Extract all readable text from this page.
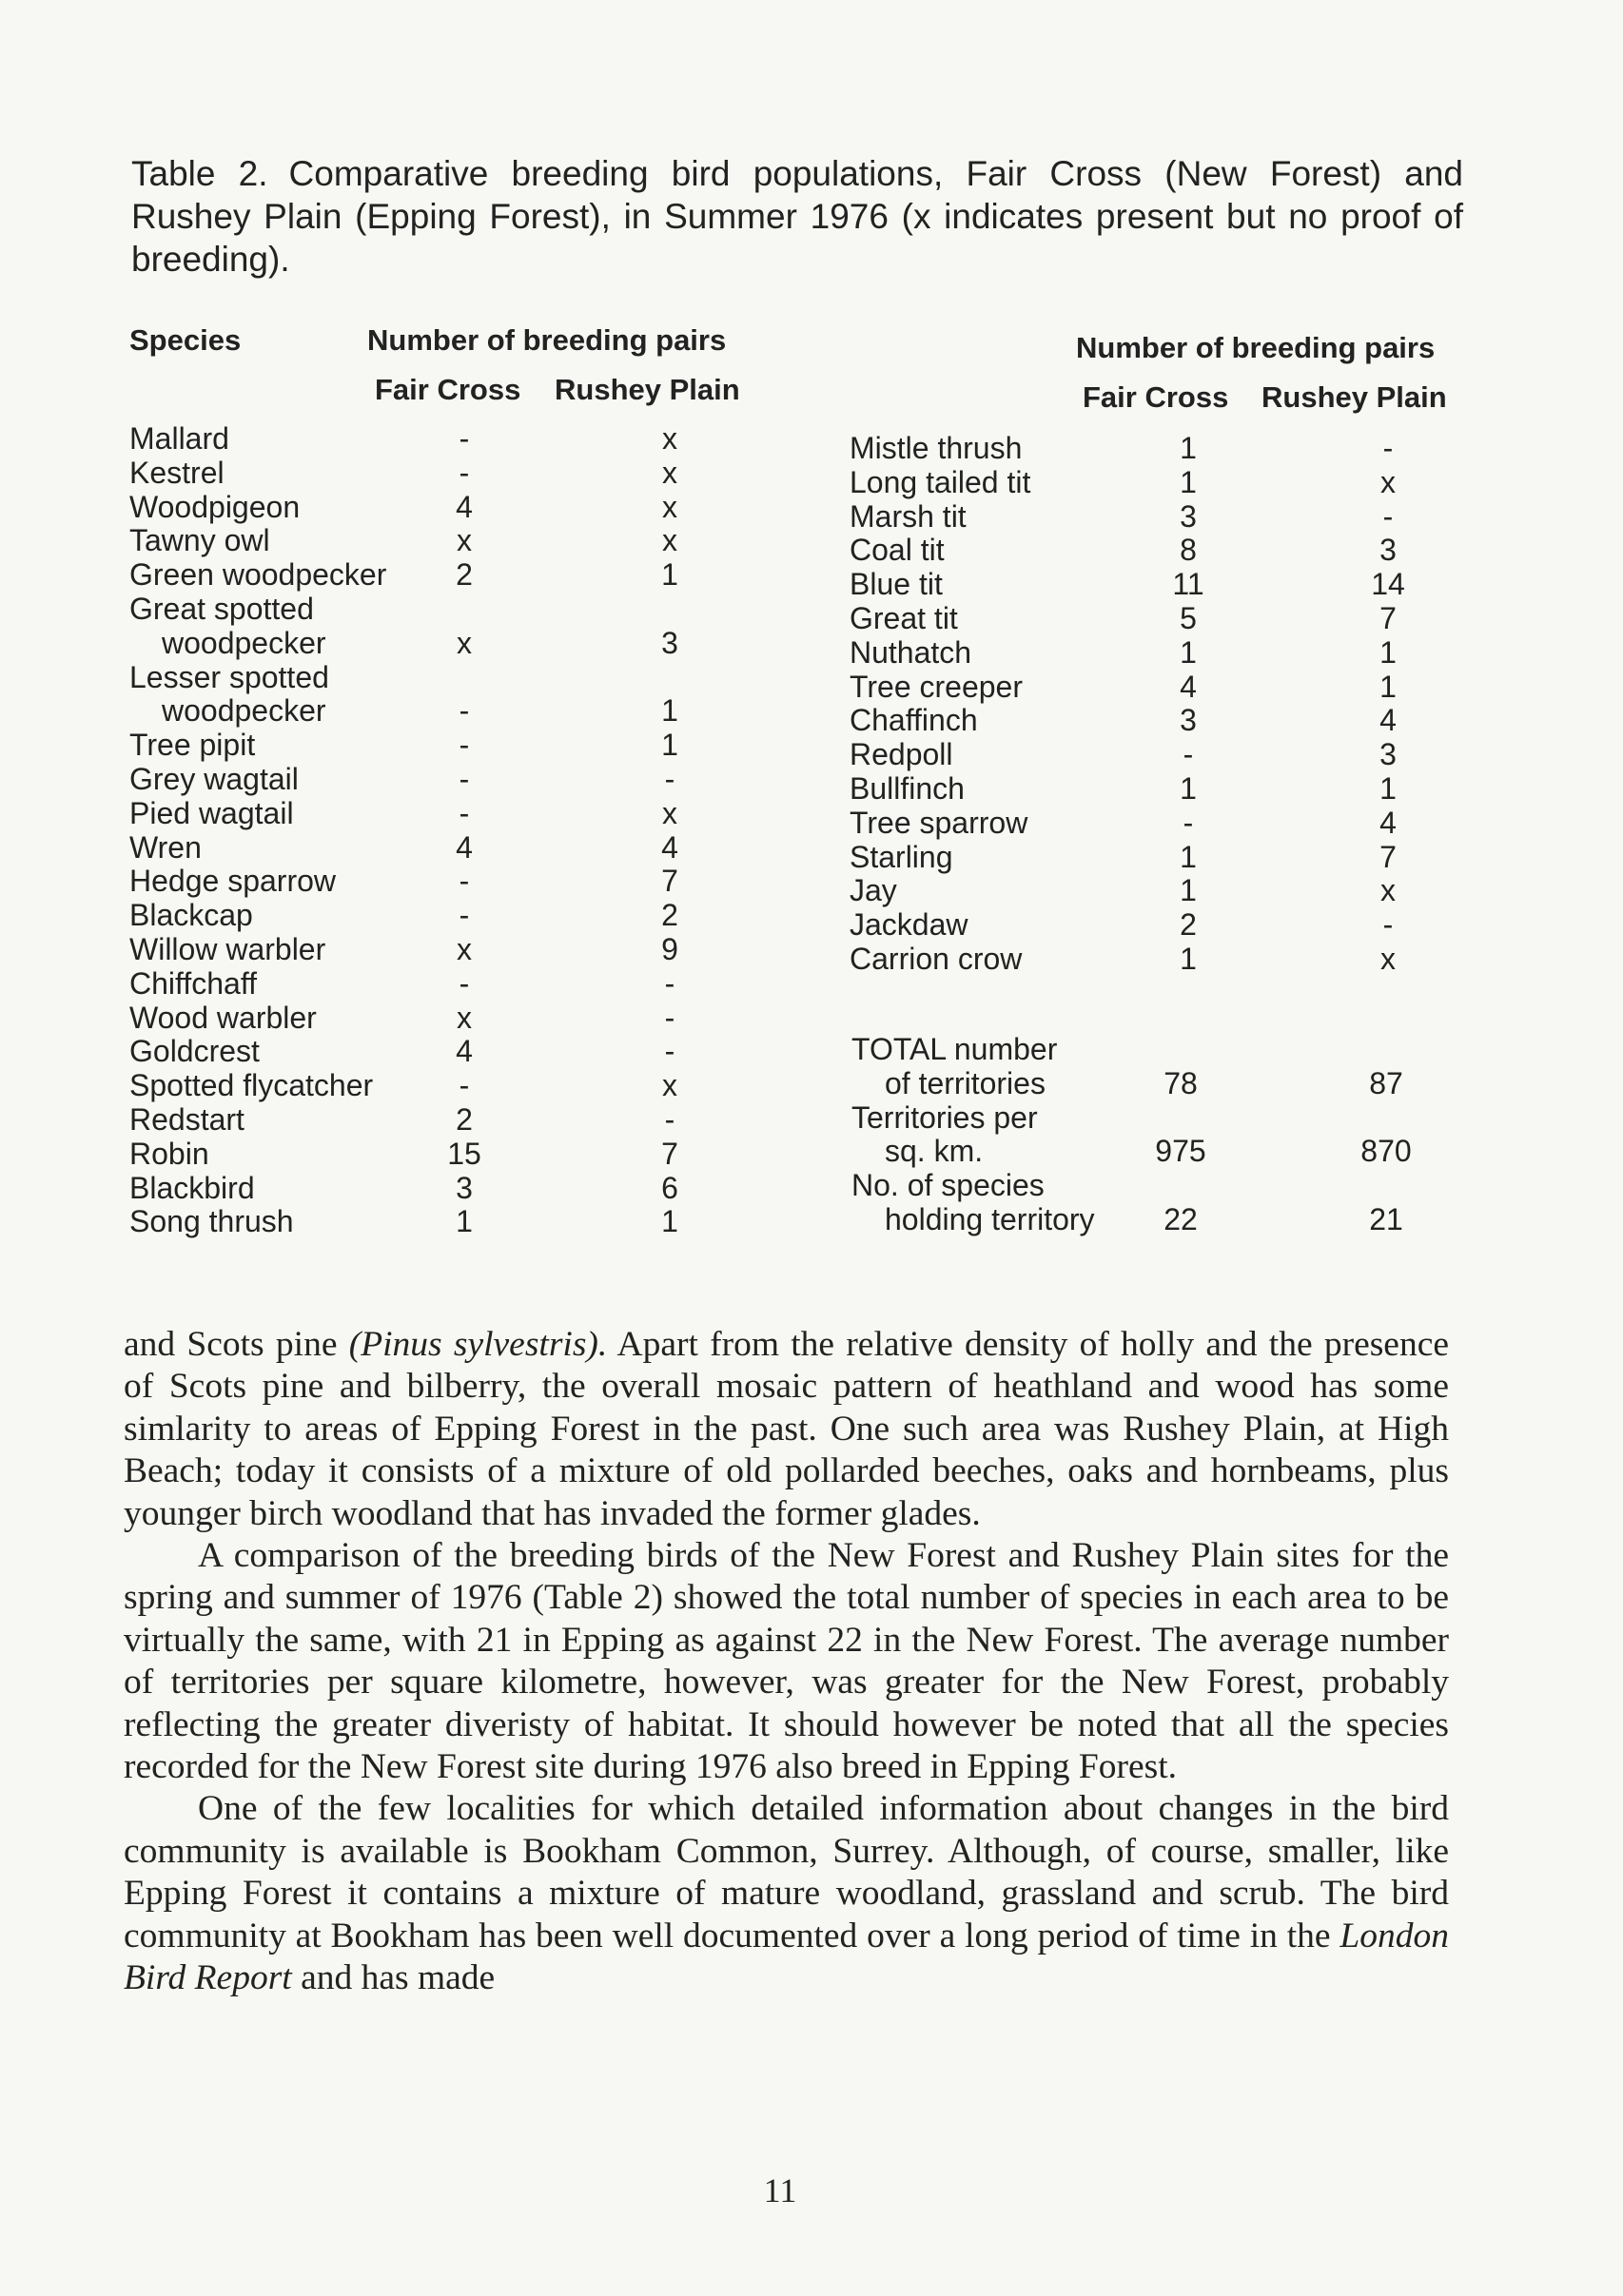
Table 2. Comparative breeding bird populations, Fair Cross (New Forest) and Rushey Plain (Epping Forest), in Summer 1976 (x indicates present but no proof of breeding).
Species	Number of breeding pairs
Fair Cross Rushey Plain
Number of breeding pairs
Fair Cross Rushey Plain
Mallard	-	x
Kestrel	-	x
Woodpigeon	4	x
Tawny owl	x	x
Green woodpecker 2	1
Great spotted
woodpecker	x	3
Lesser spotted
woodpecker	-	1
Tree pipit	-	1
Grey wagtail	-	-
Pied wagtail	-	x
Wren	4	4
Hedge sparrow	-	7
Blackcap	-	2
Willow warbler	x	9
Chiffchaff	-	-
Wood warbler	x	-
Goldcrest	4	-
Spotted flycatcher	-	x
Redstart	2	-
Robin	15	7
Blackbird	3	6
Song thrush	1	1
Mistle thrush	1	-
Long tailed tit	1	x
Marsh tit	3	-
Coal tit	8	3
Blue tit	11	14
Great tit	5	7
Nuthatch	1	1
Tree creeper	4	1
Chaffinch	3	4
Redpoll	-	3
Bullfinch	1	1
Tree sparrow	-	4
Starling	1	7
Jay	1	x
Jackdaw	2	-
Carrion crow	1	x
TOTAL number
of territories	78	87
Territories per
sq. km.	975	870
No. of species
holding territory 22	21

and Scots pine (Pinus sylvestris). Apart from the relative density of holly and the presence of Scots pine and bilberry, the overall mosaic pattern of heathland and wood has some simlarity to areas of Epping Forest in the past. One such area was Rushey Plain, at High Beach; today it consists of a mixture of old pollarded beeches, oaks and hornbeams, plus younger birch woodland that has invaded the former glades.

A comparison of the breeding birds of the New Forest and Rushey Plain sites for the spring and summer of 1976 (Table 2) showed the total number of species in each area to be virtually the same, with 21 in Epping as against 22 in the New Forest. The average number of territories per square kilometre, however, was greater for the New Forest, probably reflecting the greater diveristy of habitat. It should however be noted that all the species recorded for the New Forest site during 1976 also breed in Epping Forest.

One of the few localities for which detailed information about changes in the bird community is available is Bookham Common, Surrey. Although, of course, smaller, like Epping Forest it contains a mixture of mature woodland, grassland and scrub. The bird community at Bookham has been well documented over a long period of time in the London Bird Report and has made

11
